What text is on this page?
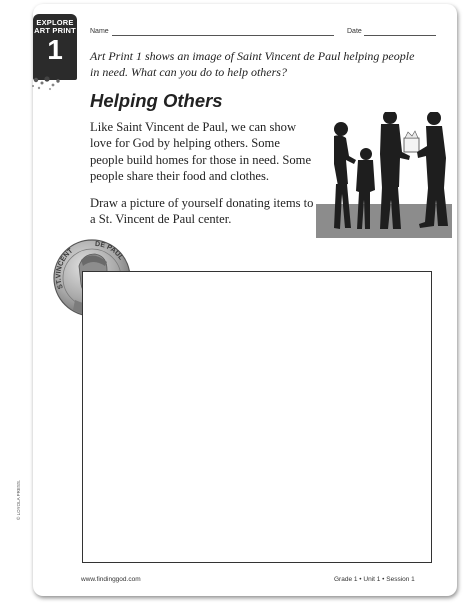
EXPLORE
ART PRINT
1
Name	Date
Art Print 1 shows an image of Saint Vincent de Paul helping people in need. What can you do to help others?
Helping Others

Like Saint Vincent de Paul, we can show love for God by helping others. Some people build homes for those in need. Some people share their food and clothes.

Draw a picture of yourself donating items to a St. Vincent de Paul center.

ST.VINCENT
DE PAUL
© LOYOLA PRESS.
www.findinggod.com	Grade 1 • Unit 1 • Session 1
